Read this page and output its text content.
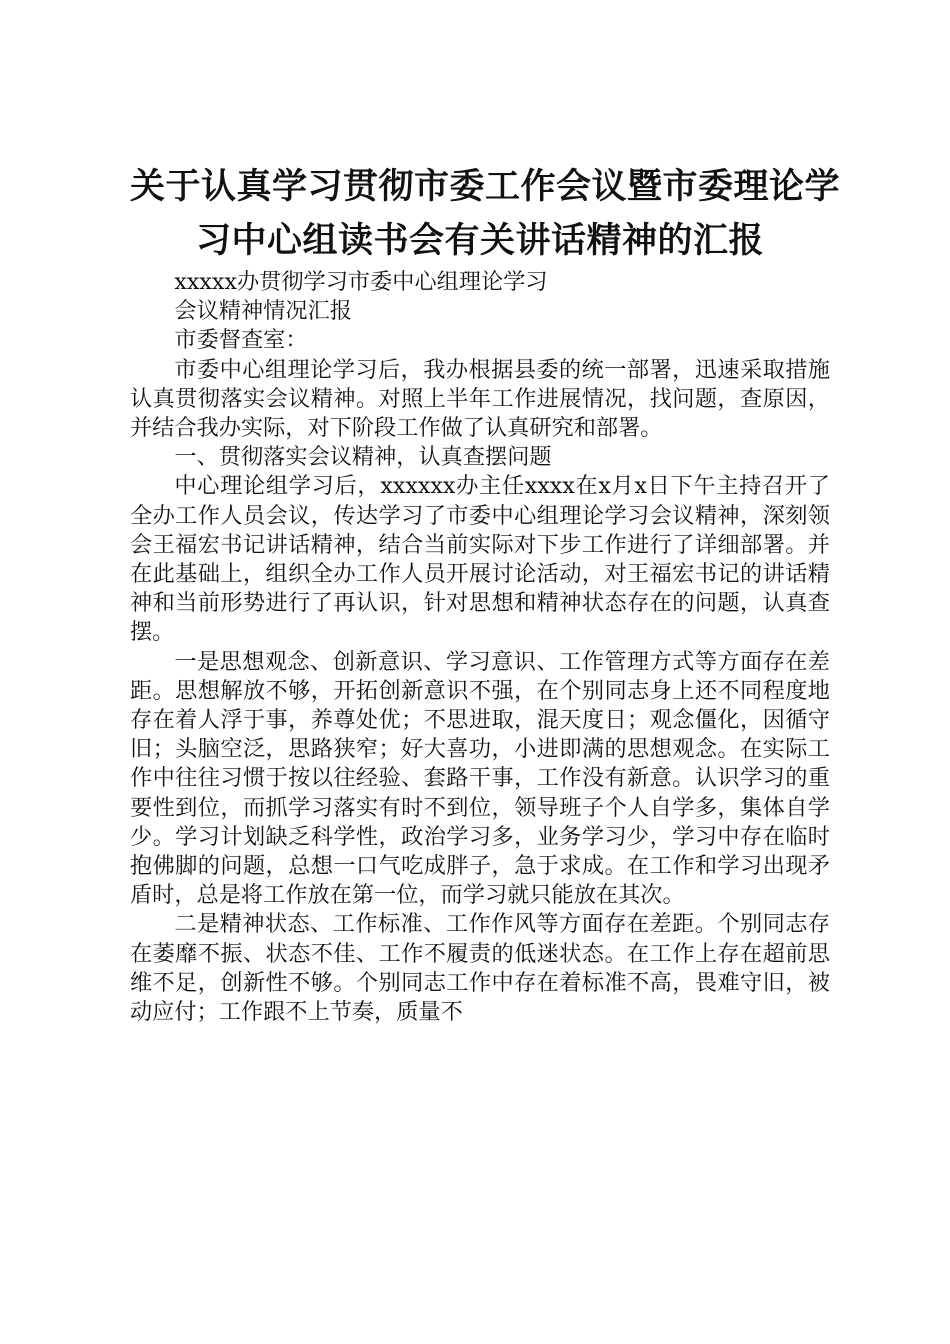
关于认真学习贯彻市委工作会议暨市委理论学
习中心组读书会有关讲话精神的汇报

xxxxx办贯彻学习市委中心组理论学习

会议精神情况汇报

市委督查室：

市委中心组理论学习后，我办根据县委的统一部署，迅速采取措施认真贯彻落实会议精神。对照上半年工作进展情况，找问题，查原因，并结合我办实际，对下阶段工作做了认真研究和部署。

一、贯彻落实会议精神，认真查摆问题

中心理论组学习后，xxxxxx办主任xxxx在x月x日下午主持召开了全办工作人员会议，传达学习了市委中心组理论学习会议精神，深刻领会王福宏书记讲话精神，结合当前实际对下步工作进行了详细部署。并在此基础上，组织全办工作人员开展讨论活动，对王福宏书记的讲话精神和当前形势进行了再认识，针对思想和精神状态存在的问题，认真查摆。

一是思想观念、创新意识、学习意识、工作管理方式等方面存在差距。思想解放不够，开拓创新意识不强，在个别同志身上还不同程度地存在着人浮于事，养尊处优；不思进取，混天度日；观念僵化，因循守旧；头脑空泛，思路狭窄；好大喜功，小进即满的思想观念。在实际工作中往往习惯于按以往经验、套路干事，工作没有新意。认识学习的重要性到位，而抓学习落实有时不到位，领导班子个人自学多，集体自学少。学习计划缺乏科学性，政治学习多，业务学习少，学习中存在临时抱佛脚的问题，总想一口气吃成胖子，急于求成。在工作和学习出现矛盾时，总是将工作放在第一位，而学习就只能放在其次。

二是精神状态、工作标准、工作作风等方面存在差距。个别同志存在萎靡不振、状态不佳、工作不履责的低迷状态。在工作上存在超前思维不足，创新性不够。个别同志工作中存在着标准不高，畏难守旧，被动应付；工作跟不上节奏，质量不
